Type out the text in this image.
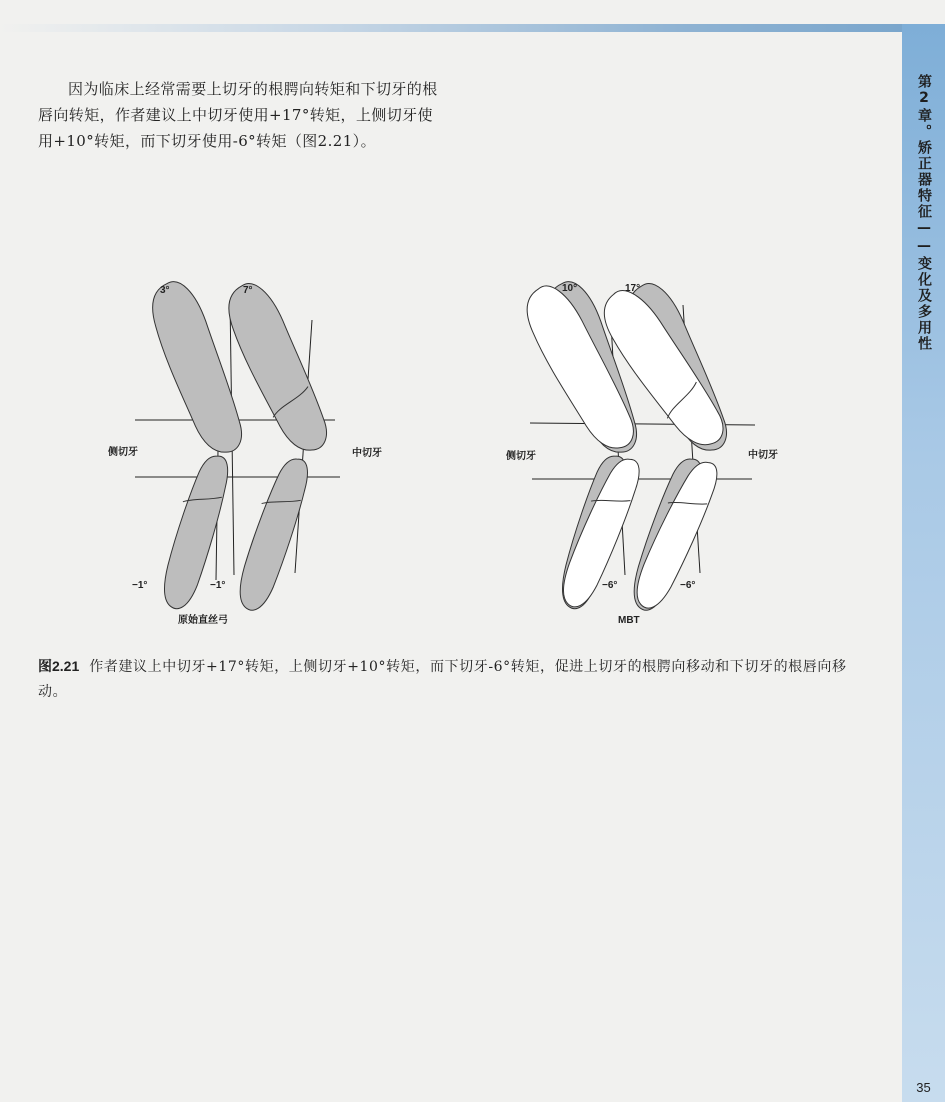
第2章。矫正器特征——变化及多用性
35

因为临床上经常需要上切牙的根腭向转矩和下切牙的根唇向转矩，作者建议上中切牙使用+17°转矩，上侧切牙使用+10°转矩，而下切牙使用-6°转矩（图2.21）。

3°	7°
−1°	−1°
侧切牙	中切牙
原始直丝弓
10°	17°
−6°	−6°
侧切牙	中切牙
MBT

图2.21 作者建议上中切牙+17°转矩，上侧切牙+10°转矩，而下切牙-6°转矩，促进上切牙的根腭向移动和下切牙的根唇向移动。
